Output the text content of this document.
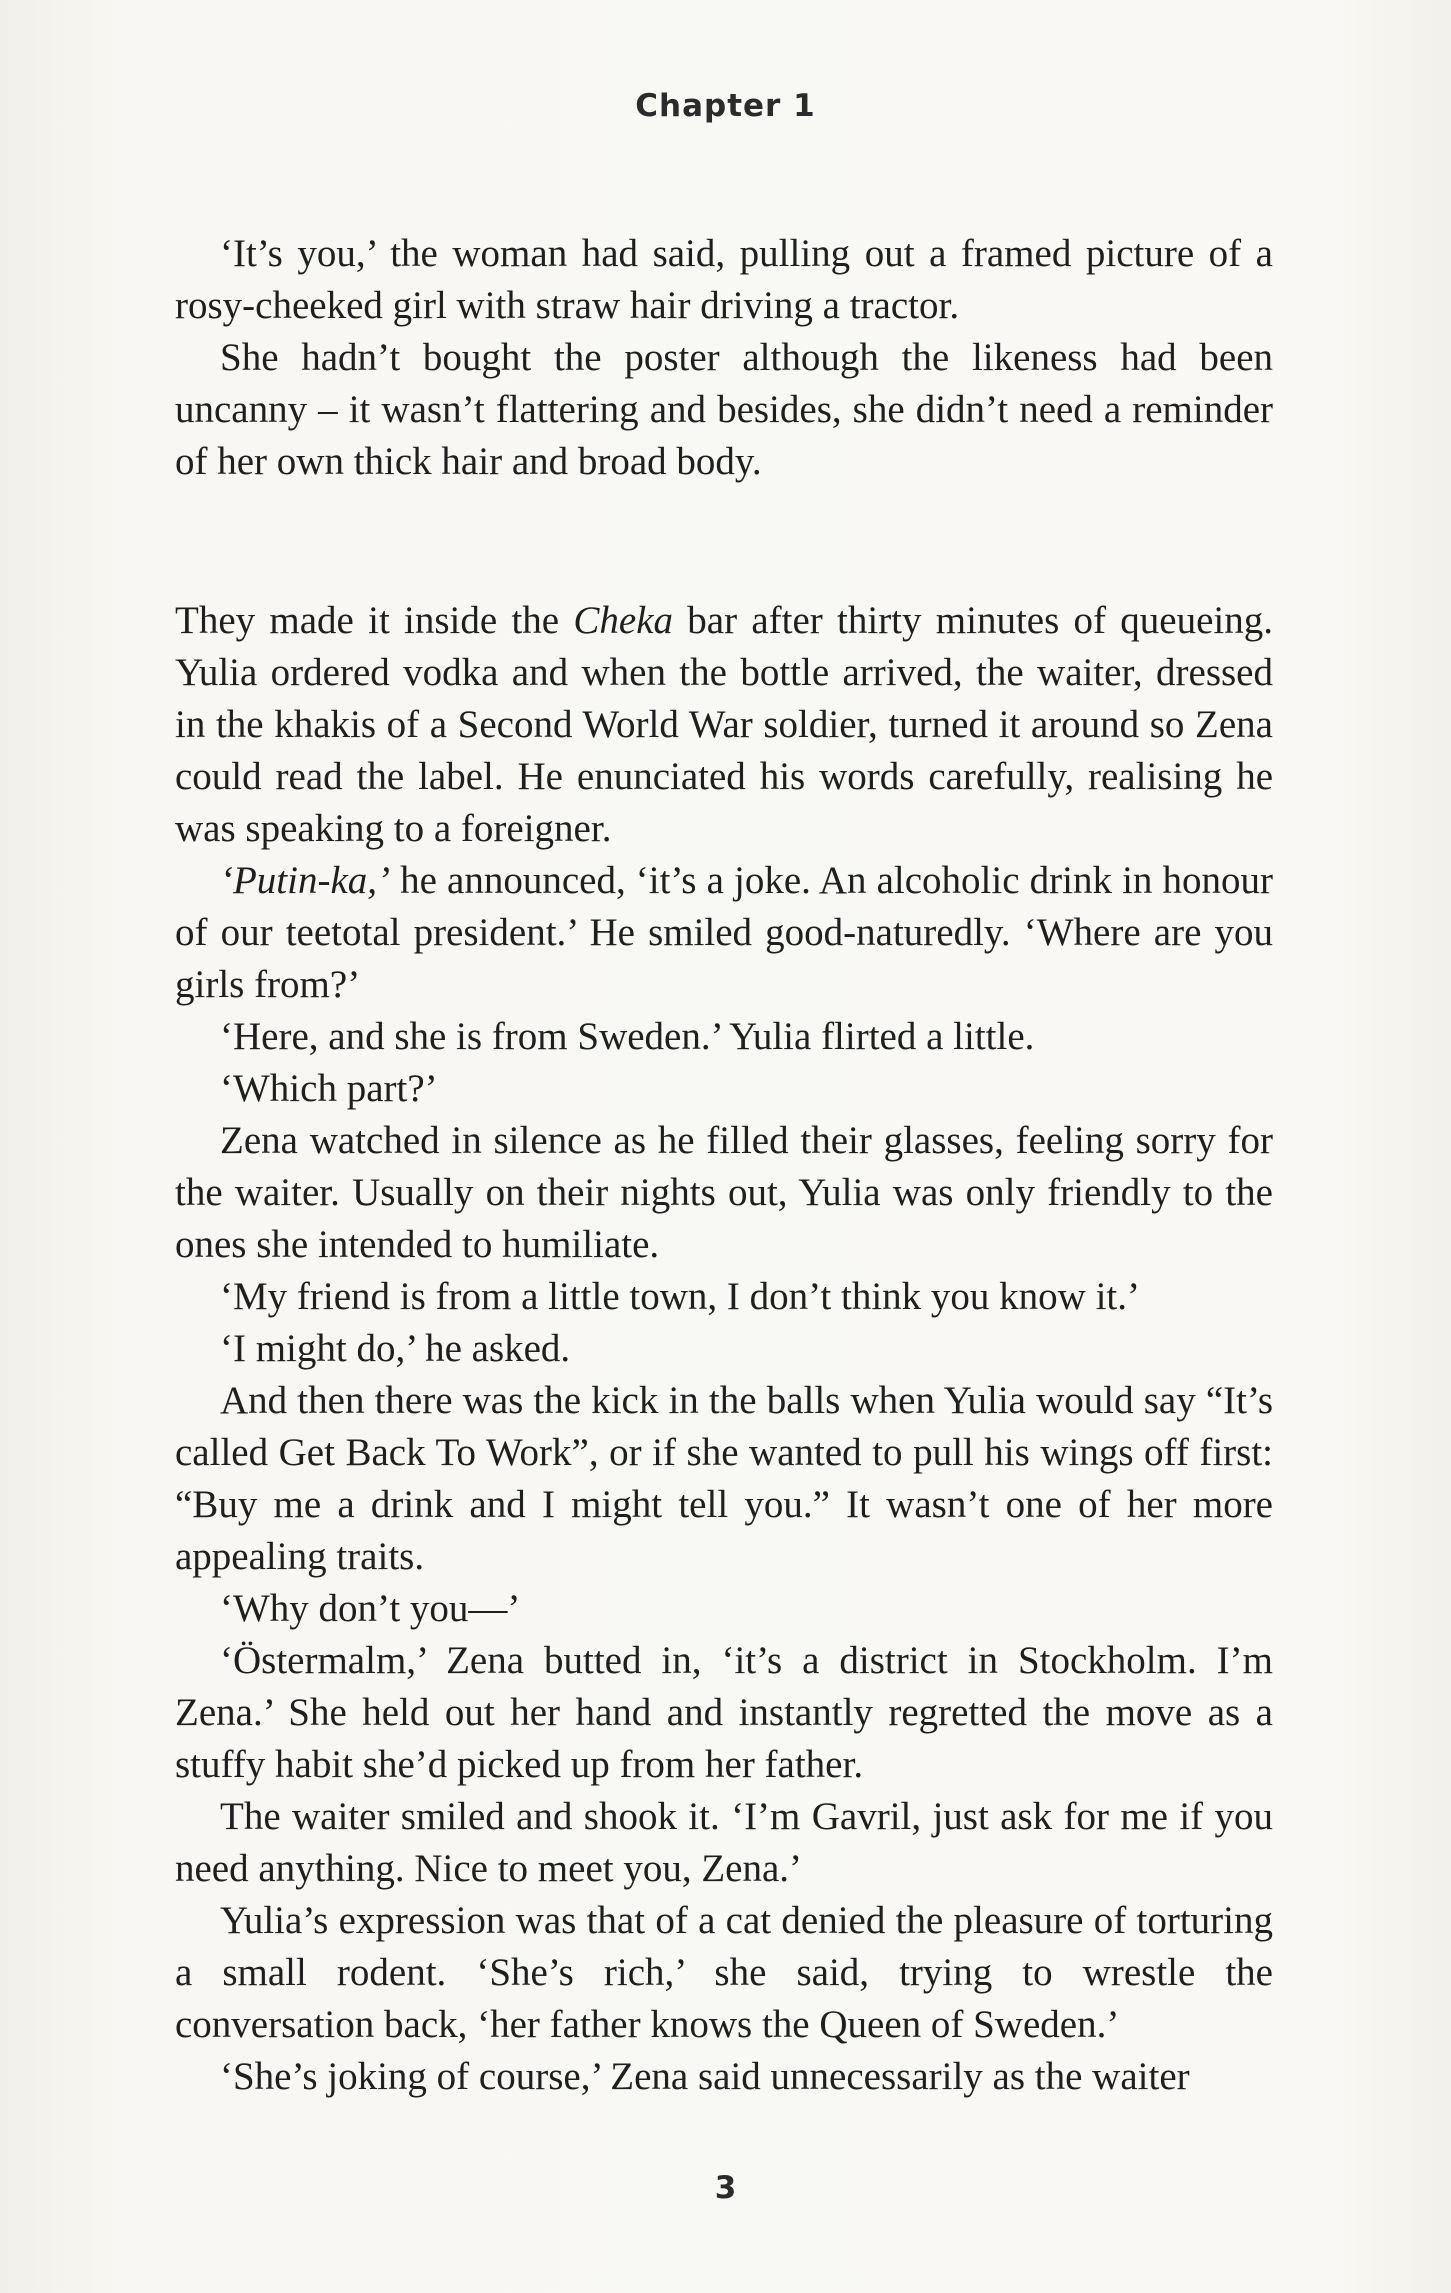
Chapter 1

‘It’s you,’ the woman had said, pulling out a framed picture of a rosy-cheeked girl with straw hair driving a tractor.

She hadn’t bought the poster although the likeness had been uncanny – it wasn’t flattering and besides, she didn’t need a reminder of her own thick hair and broad body.

They made it inside the Cheka bar after thirty minutes of queueing. Yulia ordered vodka and when the bottle arrived, the waiter, dressed in the khakis of a Second World War soldier, turned it around so Zena could read the label. He enunciated his words carefully, realising he was speaking to a foreigner.

‘Putin-ka,’ he announced, ‘it’s a joke. An alcoholic drink in honour of our teetotal president.’ He smiled good-naturedly. ‘Where are you girls from?’

‘Here, and she is from Sweden.’ Yulia flirted a little.

‘Which part?’

Zena watched in silence as he filled their glasses, feeling sorry for the waiter. Usually on their nights out, Yulia was only friendly to the ones she intended to humiliate.

‘My friend is from a little town, I don’t think you know it.’

‘I might do,’ he asked.

And then there was the kick in the balls when Yulia would say “It’s called Get Back To Work”, or if she wanted to pull his wings off first: “Buy me a drink and I might tell you.” It wasn’t one of her more appealing traits.

‘Why don’t you—’

‘Östermalm,’ Zena butted in, ‘it’s a district in Stockholm. I’m Zena.’ She held out her hand and instantly regretted the move as a stuffy habit she’d picked up from her father.

The waiter smiled and shook it. ‘I’m Gavril, just ask for me if you need anything. Nice to meet you, Zena.’

Yulia’s expression was that of a cat denied the pleasure of torturing a small rodent. ‘She’s rich,’ she said, trying to wrestle the conversation back, ‘her father knows the Queen of Sweden.’

‘She’s joking of course,’ Zena said unnecessarily as the waiter

3
